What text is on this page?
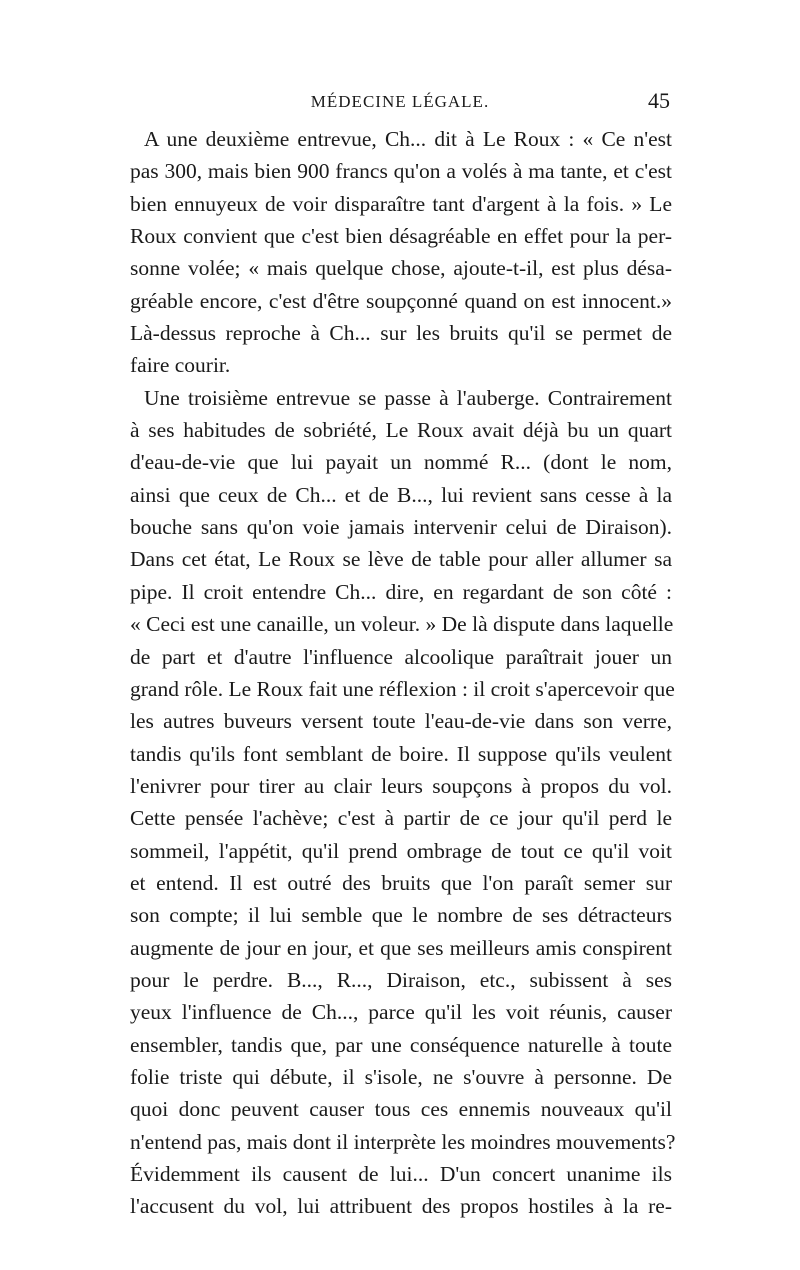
MÉDECINE LÉGALE.	45
A une deuxième entrevue, Ch... dit à Le Roux : « Ce n'est
pas 300, mais bien 900 francs qu'on a volés à ma tante, et c'est
bien ennuyeux de voir disparaître tant d'argent à la fois. » Le
Roux convient que c'est bien désagréable en effet pour la per-
sonne volée; « mais quelque chose, ajoute-t-il, est plus désa-
gréable encore, c'est d'être soupçonné quand on est innocent.»
Là-dessus reproche à Ch... sur les bruits qu'il se permet de
faire courir.
Une troisième entrevue se passe à l'auberge. Contrairement
à ses habitudes de sobriété, Le Roux avait déjà bu un quart
d'eau-de-vie que lui payait un nommé R... (dont le nom,
ainsi que ceux de Ch... et de B..., lui revient sans cesse à la
bouche sans qu'on voie jamais intervenir celui de Diraison).
Dans cet état, Le Roux se lève de table pour aller allumer sa
pipe. Il croit entendre Ch... dire, en regardant de son côté :
« Ceci est une canaille, un voleur. » De là dispute dans laquelle
de part et d'autre l'influence alcoolique paraîtrait jouer un
grand rôle. Le Roux fait une réflexion : il croit s'apercevoir que
les autres buveurs versent toute l'eau-de-vie dans son verre,
tandis qu'ils font semblant de boire. Il suppose qu'ils veulent
l'enivrer pour tirer au clair leurs soupçons à propos du vol.
Cette pensée l'achève; c'est à partir de ce jour qu'il perd le
sommeil, l'appétit, qu'il prend ombrage de tout ce qu'il voit
et entend. Il est outré des bruits que l'on paraît semer sur
son compte; il lui semble que le nombre de ses détracteurs
augmente de jour en jour, et que ses meilleurs amis conspirent
pour le perdre. B..., R..., Diraison, etc., subissent à ses
yeux l'influence de Ch..., parce qu'il les voit réunis, causer
ensembler, tandis que, par une conséquence naturelle à toute
folie triste qui débute, il s'isole, ne s'ouvre à personne. De
quoi donc peuvent causer tous ces ennemis nouveaux qu'il
n'entend pas, mais dont il interprète les moindres mouvements?
Évidemment ils causent de lui... D'un concert unanime ils
l'accusent du vol, lui attribuent des propos hostiles à la re-
